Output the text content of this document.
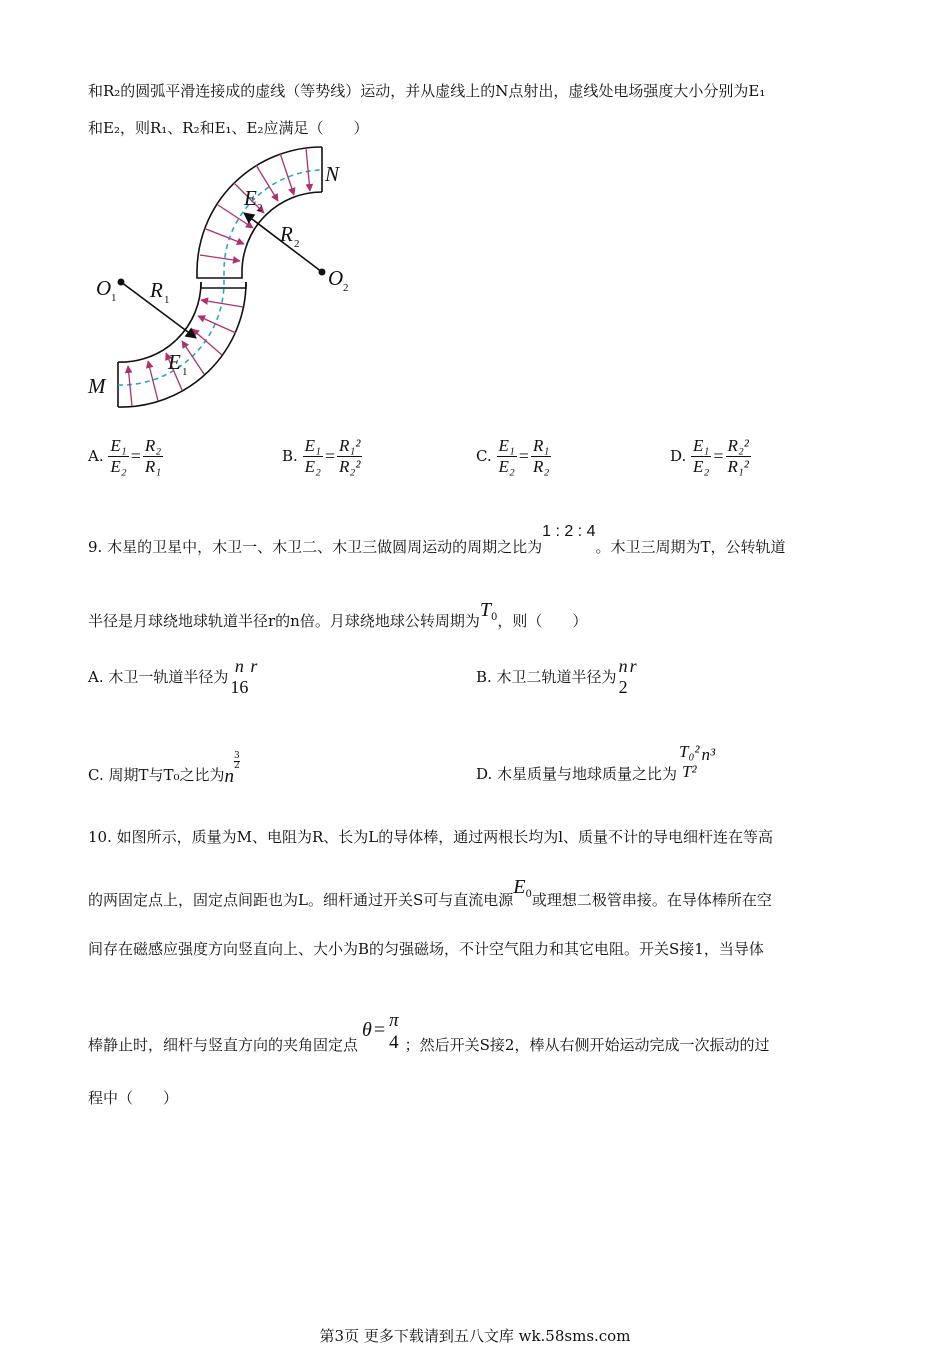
和R₂的圆弧平滑连接成的虚线（等势线）运动，并从虚线上的N点射出，虚线处电场强度大小分别为E₁
和E₂，则R₁、R₂和E₁、E₂应满足（　　）
M
N
O	O
R
R
E
E
1
2
1
2
1
2
A. $\frac{\text{E₁}}{\text{E₂}} = \frac{\text{R₂}}{\text{R₁}}$	B. $\frac{\text{E₁}}{\text{E₂}} = \frac{\text{R₁²}}{\text{R₂²}}$	C. $\frac{\text{E₁}}{\text{E₂}} = \frac{\text{R₁}}{\text{R₂}}$	D. $\frac{\text{E₁}}{\text{E₂}} = \frac{\text{R₂²}}{\text{R₁²}}$
9. 木星的卫星中，木卫一、木卫二、木卫三做圆周运动的周期之比为1 : 2 : 4。木卫三周期为T，公转轨道
半径是月球绕地球轨道半径r的n倍。月球绕地球公转周期为$T_0$，则（　　）
A. 木卫一轨道半径为
n
16
r
B. 木卫二轨道半径为
n
2
r
C. 周期T与T₀之比为n
$\frac{3}{2}$
D. 木星质量与地球质量之比为
T₀²
T²
n³
10. 如图所示，质量为M、电阻为R、长为L的导体棒，通过两根长均为l、质量不计的导电细杆连在等高
的两固定点上，固定点间距也为L。细杆通过开关S可与直流电源$E_0$或理想二极管串接。在导体棒所在空
间存在磁感应强度方向竖直向上、大小为B的匀强磁场，不计空气阻力和其它电阻。开关S接1，当导体
棒静止时，细杆与竖直方向的夹角固定点θ = π
4 ；然后开关S接2，棒从右侧开始运动完成一次振动的过
程中（　　）
第3页 更多下载请到五八文库 wk.58sms.com
